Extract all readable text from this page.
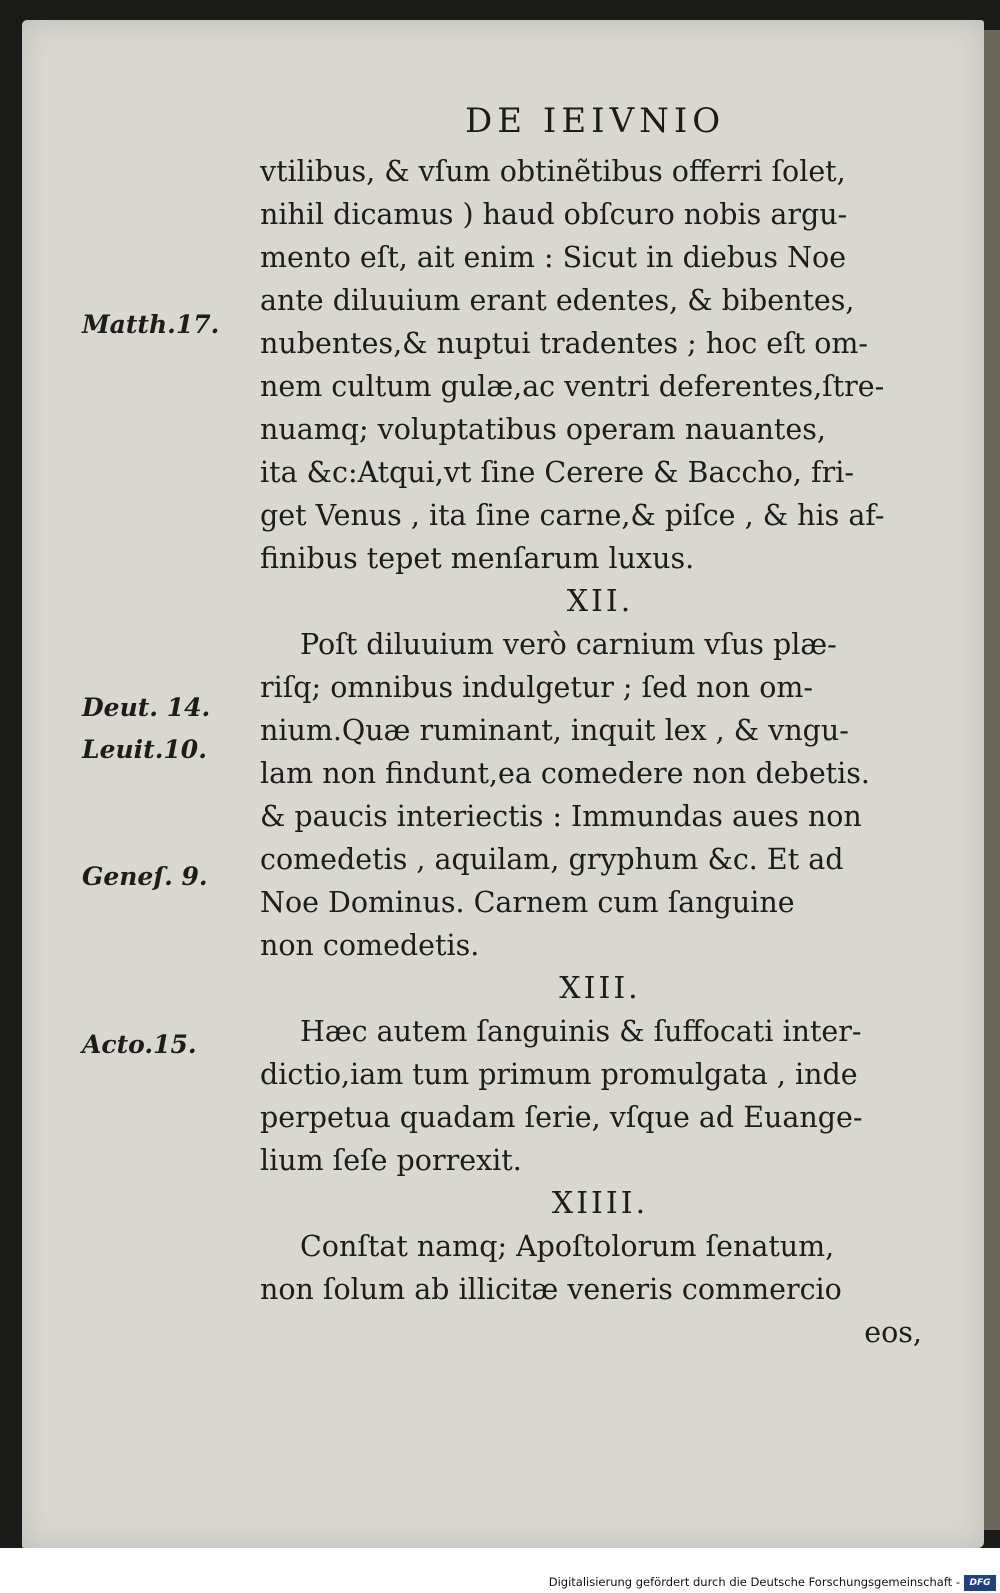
DE IEIVNIO
vtilibus, & vſum obtinẽtibus offerri ſolet,
nihil dicamus ) haud obſcuro nobis argu-
mento eſt, ait enim : Sicut in diebus Noe
ante diluuium erant edentes, & bibentes,
nubentes,& nuptui tradentes ; hoc eſt om-
nem cultum gulæ,ac ventri deferentes,ſtre-
nuamq; voluptatibus operam nauantes,
ita &c:Atqui,vt ſine Cerere & Baccho, fri-
get Venus , ita ſine carne,& piſce , & his af-
finibus tepet menſarum luxus.
XII.
Poſt diluuium verò carnium vſus plæ-
riſq; omnibus indulgetur ; ſed non om-
nium.Quæ ruminant, inquit lex , & vngu-
lam non findunt,ea comedere non debetis.
& paucis interiectis : Immundas aues non
comedetis , aquilam, gryphum &c. Et ad
Noe Dominus. Carnem cum ſanguine
non comedetis.
XIII.
Hæc autem ſanguinis & ſuffocati inter-
dictio,iam tum primum promulgata , inde
perpetua quadam ſerie, vſque ad Euange-
lium ſeſe porrexit.
XIIII.
Conſtat namq; Apoſtolorum ſenatum,
non ſolum ab illicitæ veneris commercio
eos,
Matth.17.
Deut. 14.
Leuit.10.
Geneſ. 9.
Acto.15.
Digitalisierung gefördert durch die Deutsche Forschungsgemeinschaft -	DFG
